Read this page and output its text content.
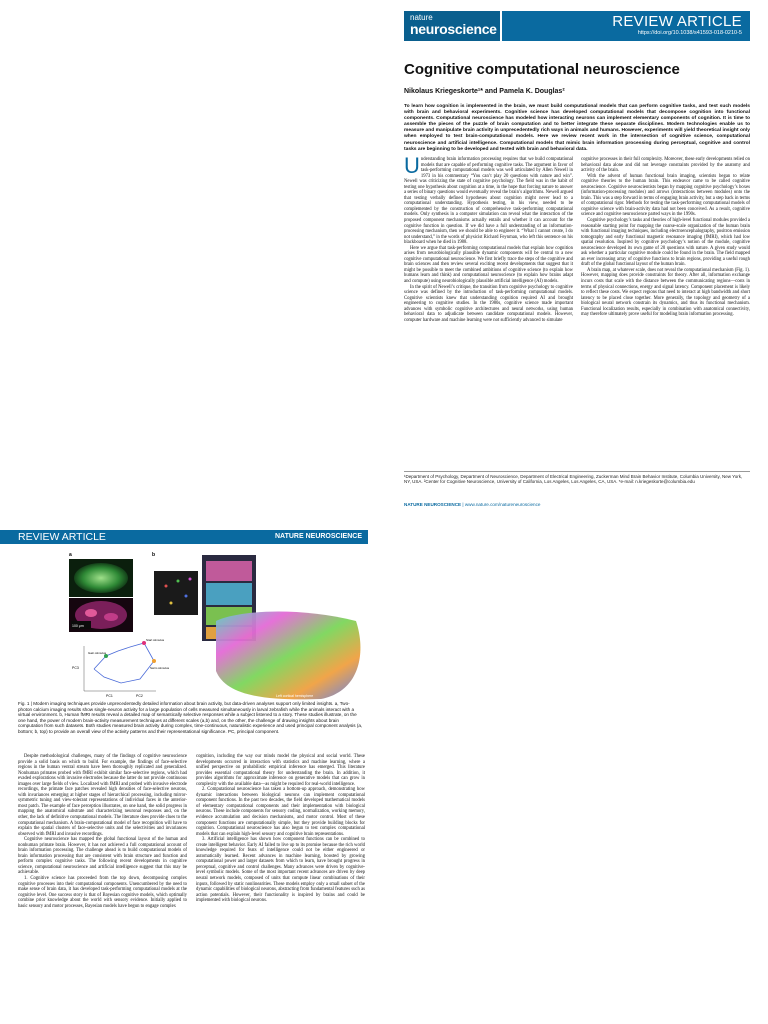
nature
neuroscience	REVIEW ARTICLE
https://doi.org/10.1038/s41593-018-0210-5
Cognitive computational neuroscience
Nikolaus Kriegeskorte¹* and Pamela K. Douglas²
To learn how cognition is implemented in the brain, we must build computational models that can perform cognitive tasks, and test such models with brain and behavioral experiments. Cognitive science has developed computational models that decompose cognition into functional components. Computational neuroscience has modeled how interacting neurons can implement elementary components of cognition. It is time to assemble the pieces of the puzzle of brain computation and to better integrate these separate disciplines. Modern technologies enable us to measure and manipulate brain activity in unprecedentedly rich ways in animals and humans. However, experiments will yield theoretical insight only when employed to test brain-computational models. Here we review recent work in the intersection of cognitive science, computational neuroscience and artificial intelligence. Computational models that mimic brain information processing during perceptual, cognitive and control tasks are beginning to be developed and tested with brain and behavioral data.

Understanding brain information processing requires that we build computational models that are capable of performing cognitive tasks. The argument in favor of task-performing computational models was well articulated by Allen Newell in 1973 in his commentary “You can’t play 20 questions with nature and win”. Newell was criticizing the state of cognitive psychology. The field was in the habit of testing one hypothesis about cognition at a time, in the hope that forcing nature to answer a series of binary questions would eventually reveal the brain’s algorithms. Newell argued that testing verbally defined hypotheses about cognition might never lead to a computational understanding. Hypothesis testing, in his view, needed to be complemented by the construction of comprehensive task-performing computational models. Only synthesis in a computer simulation can reveal what the interaction of the proposed component mechanisms actually entails and whether it can account for the cognitive function in question. If we did have a full understanding of an information-processing mechanism, then we should be able to engineer it. “What I cannot create, I do not understand,” in the words of physicist Richard Feynman, who left this sentence on his blackboard when he died in 1988.

Here we argue that task-performing computational models that explain how cognition arises from neurobiologically plausible dynamic components will be central to a new cognitive computational neuroscience. We first briefly trace the steps of the cognitive and brain sciences and then review several exciting recent developments that suggest that it might be possible to meet the combined ambitions of cognitive science (to explain how humans learn and think) and computational neuroscience (to explain how brains adapt and compute) using neurobiologically plausible artificial intelligence (AI) models.

In the spirit of Newell’s critique, the transition from cognitive psychology to cognitive science was defined by the introduction of task-performing computational models. Cognitive scientists knew that understanding cognition required AI and brought engineering to cognitive studies. In the 1980s, cognitive science made important advances with symbolic cognitive architectures and neural networks, using human behavioral data to adjudicate between candidate computational models. However, computer hardware and machine learning were not sufficiently advanced to simulate

cognitive processes in their full complexity. Moreover, these early developments relied on behavioral data alone and did not leverage constraints provided by the anatomy and activity of the brain.

With the advent of human functional brain imaging, scientists began to relate cognitive theories to the human brain. This endeavor came to be called cognitive neuroscience. Cognitive neuroscientists began by mapping cognitive psychology’s boxes (information-processing modules) and arrows (interactions between modules) onto the brain. This was a step forward in terms of engaging brain activity, but a step back in terms of computational rigor. Methods for testing the task-performing computational models of cognitive science with brain-activity data had not been conceived. As a result, cognitive science and cognitive neuroscience parted ways in the 1990s.

Cognitive psychology’s tasks and theories of high-level functional modules provided a reasonable starting point for mapping the coarse-scale organization of the human brain with functional imaging techniques, including electroencephalography, positron emission tomography and early functional magnetic resonance imaging (fMRI), which had low spatial resolution. Inspired by cognitive psychology’s notion of the module, cognitive neuroscience developed its own game of 20 questions with nature. A given study would ask whether a particular cognitive module could be found in the brain. The field mapped an ever increasing array of cognitive functions to brain regions, providing a useful rough draft of the global functional layout of the human brain.

A brain map, at whatever scale, does not reveal the computational mechanism (Fig. 1). However, mapping does provide constraints for theory. After all, information exchange incurs costs that scale with the distance between the communicating regions—costs in terms of physical connections, energy and signal latency. Component placement is likely to reflect these costs. We expect regions that need to interact at high bandwidth and short latency to be placed close together. More generally, the topology and geometry of a biological neural network constrain its dynamics, and thus its functional mechanism. Functional localization results, especially in combination with anatomical connectivity, may therefore ultimately prove useful for modeling brain information processing.

¹Department of Psychology, Department of Neuroscience, Department of Electrical Engineering, Zuckerman Mind Brain Behavior Institute, Columbia University, New York, NY, USA. ²Center for Cognitive Neuroscience, University of California, Los Angeles, Los Angeles, CA, USA. *e-mail: n.kriegeskorte@columbia.edu
NATURE NEUROSCIENCE | www.nature.com/natureneuroscience
REVIEW ARTICLE	NATURE NEUROSCIENCE
a
100 μm
PC1	PC2
PC3
Start stimulus
Gain stimulus
Swim stimulus
b
Left cortical hemisphere
Fig. 1 | Modern imaging techniques provide unprecedentedly detailed information about brain activity, but data-driven analyses support only limited insights. a, Two-photon calcium imaging results show single-neuron activity for a large population of cells measured simultaneously in larval zebrafish while the animals interact with a virtual environment. b, Human fMRI results reveal a detailed map of semantically selective responses while a subject listened to a story. These studies illustrate, on the one hand, the power of modern brain-activity measurement techniques at different scales (a,b) and, on the other, the challenge of drawing insights about brain computation from such datasets. Both studies measured brain activity during complex, time-continuous, naturalistic experience and used principal component analysis (a, bottom; b, top) to provide an overall view of the activity patterns and their representational significance. PC, principal component.

Despite methodological challenges, many of the findings of cognitive neuroscience provide a solid basis on which to build. For example, the findings of face-selective regions in the human ventral stream have been thoroughly replicated and generalized. Nonhuman primates probed with fMRI exhibit similar face-selective regions, which had evaded explorations with invasive electrodes because the latter do not provide continuous images over large fields of view. Localized with fMRI and probed with invasive electrode recordings, the primate face patches revealed high densities of face-selective neurons, with invariances emerging at higher stages of hierarchical processing, including mirror-symmetric tuning and view-tolerant representations of individual faces in the anterior-most patch. The example of face perception illustrates, on one hand, the solid progress in mapping the anatomical substrate and characterizing neuronal responses and, on the other, the lack of definitive computational models. The literature does provide clues to the computational mechanism. A brain-computational model of face recognition will have to explain the spatial clusters of face-selective units and the selectivities and invariances observed with fMRI and invasive recordings.

Cognitive neuroscience has mapped the global functional layout of the human and nonhuman primate brain. However, it has not achieved a full computational account of brain information processing. The challenge ahead is to build computational models of brain information processing that are consistent with brain structure and function and perform complex cognitive tasks. The following recent developments in cognitive science, computational neuroscience and artificial intelligence suggest that this may be achievable.

1. Cognitive science has proceeded from the top down, decomposing complex cognitive processes into their computational components. Unencumbered by the need to make sense of brain data, it has developed task-performing computational models at the cognitive level. One success story is that of Bayesian cognitive models, which optimally combine prior knowledge about the world with sensory evidence. Initially applied to basic sensory and motor processes, Bayesian models have begun to engage complex

cognition, including the way our minds model the physical and social world. These developments occurred in interaction with statistics and machine learning, where a unified perspective on probabilistic empirical inference has emerged. This literature provides essential computational theory for understanding the brain. In addition, it provides algorithms for approximate inference on generative models that can grow in complexity with the available data—as might be required for real-world intelligence.

2. Computational neuroscience has taken a bottom-up approach, demonstrating how dynamic interactions between biological neurons can implement computational component functions. In the past two decades, the field developed mathematical models of elementary computational components and their implementation with biological neurons. These include components for sensory coding, normalization, working memory, evidence accumulation and decision mechanisms, and motor control. Most of these component functions are computationally simple, but they provide building blocks for cognition. Computational neuroscience has also begun to test complex computational models that can explain high-level sensory and cognitive brain representations.

3. Artificial intelligence has shown how component functions can be combined to create intelligent behavior. Early AI failed to live up to its promise because the rich world knowledge required for feats of intelligence could not be either engineered or automatically learned. Recent advances in machine learning, boosted by growing computational power and larger datasets from which to learn, have brought progress in perceptual, cognitive and control challenges. Many advances were driven by cognitive-level symbolic models. Some of the most important recent advances are driven by deep neural network models, composed of units that compute linear combinations of their inputs, followed by static nonlinearities. These models employ only a small subset of the dynamic capabilities of biological neurons, abstracting from fundamental features such as action potentials. However, their functionality is inspired by brains and could be implemented with biological neurons.
